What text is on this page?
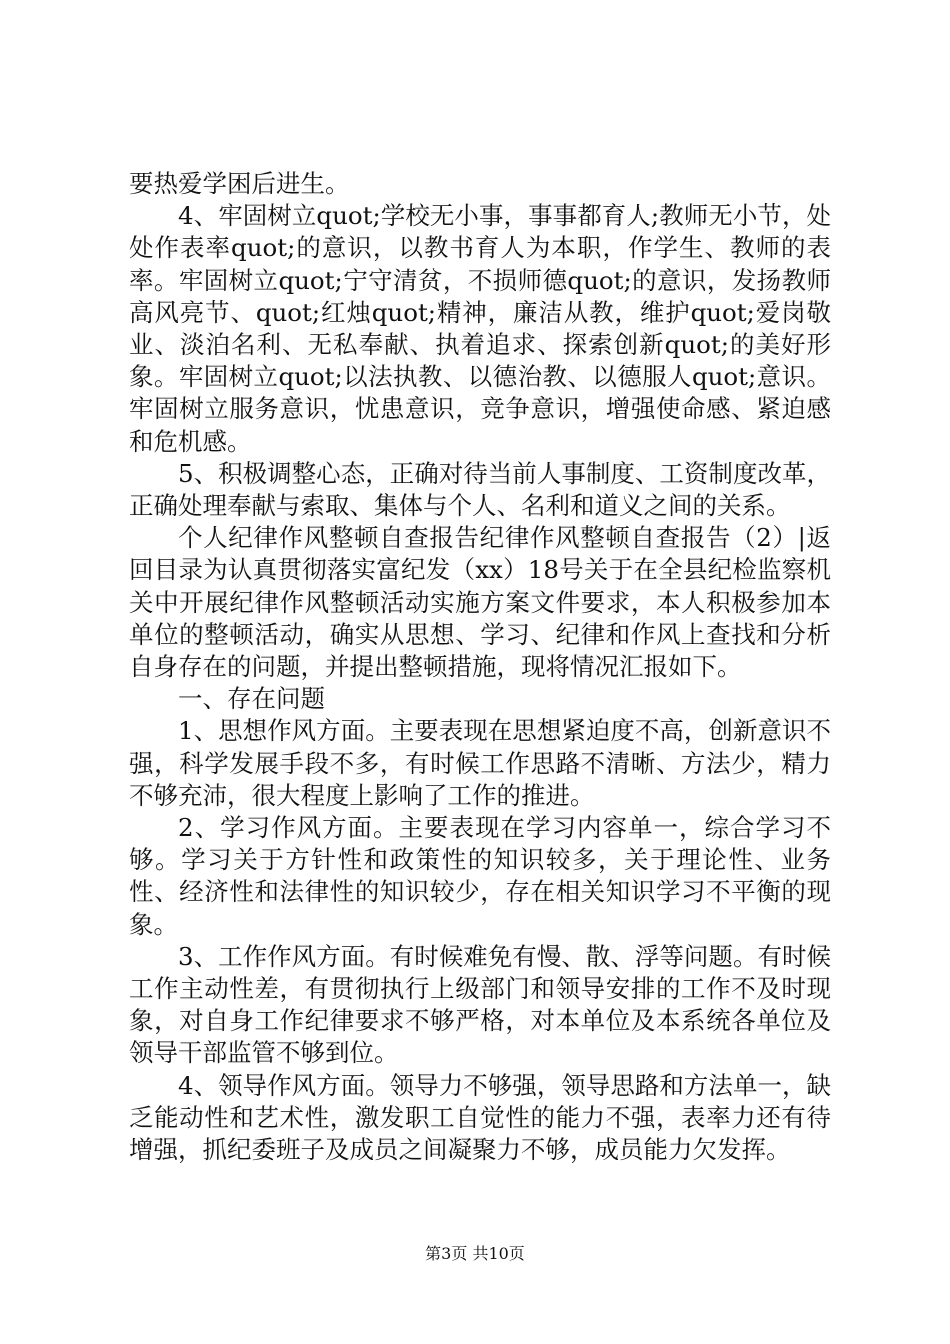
要热爱学困后进生。

4、牢固树立quot;学校无小事，事事都育人;教师无小节，处处作表率quot;的意识，以教书育人为本职，作学生、教师的表率。牢固树立quot;宁守清贫，不损师德quot;的意识，发扬教师高风亮节、quot;红烛quot;精神，廉洁从教，维护quot;爱岗敬业、淡泊名利、无私奉献、执着追求、探索创新quot;的美好形象。牢固树立quot;以法执教、以德治教、以德服人quot;意识。牢固树立服务意识，忧患意识，竞争意识，增强使命感、紧迫感和危机感。

5、积极调整心态，正确对待当前人事制度、工资制度改革，正确处理奉献与索取、集体与个人、名利和道义之间的关系。

个人纪律作风整顿自查报告纪律作风整顿自查报告（2）|返回目录为认真贯彻落实富纪发（xx）18号关于在全县纪检监察机关中开展纪律作风整顿活动实施方案文件要求，本人积极参加本单位的整顿活动，确实从思想、学习、纪律和作风上查找和分析自身存在的问题，并提出整顿措施，现将情况汇报如下。

一、存在问题

1、思想作风方面。主要表现在思想紧迫度不高，创新意识不强，科学发展手段不多，有时候工作思路不清晰、方法少，精力不够充沛，很大程度上影响了工作的推进。

2、学习作风方面。主要表现在学习内容单一，综合学习不够。学习关于方针性和政策性的知识较多，关于理论性、业务性、经济性和法律性的知识较少，存在相关知识学习不平衡的现象。

3、工作作风方面。有时候难免有慢、散、浮等问题。有时候工作主动性差，有贯彻执行上级部门和领导安排的工作不及时现象，对自身工作纪律要求不够严格，对本单位及本系统各单位及领导干部监管不够到位。

4、领导作风方面。领导力不够强，领导思路和方法单一，缺乏能动性和艺术性，激发职工自觉性的能力不强，表率力还有待增强，抓纪委班子及成员之间凝聚力不够，成员能力欠发挥。

第3页 共10页
